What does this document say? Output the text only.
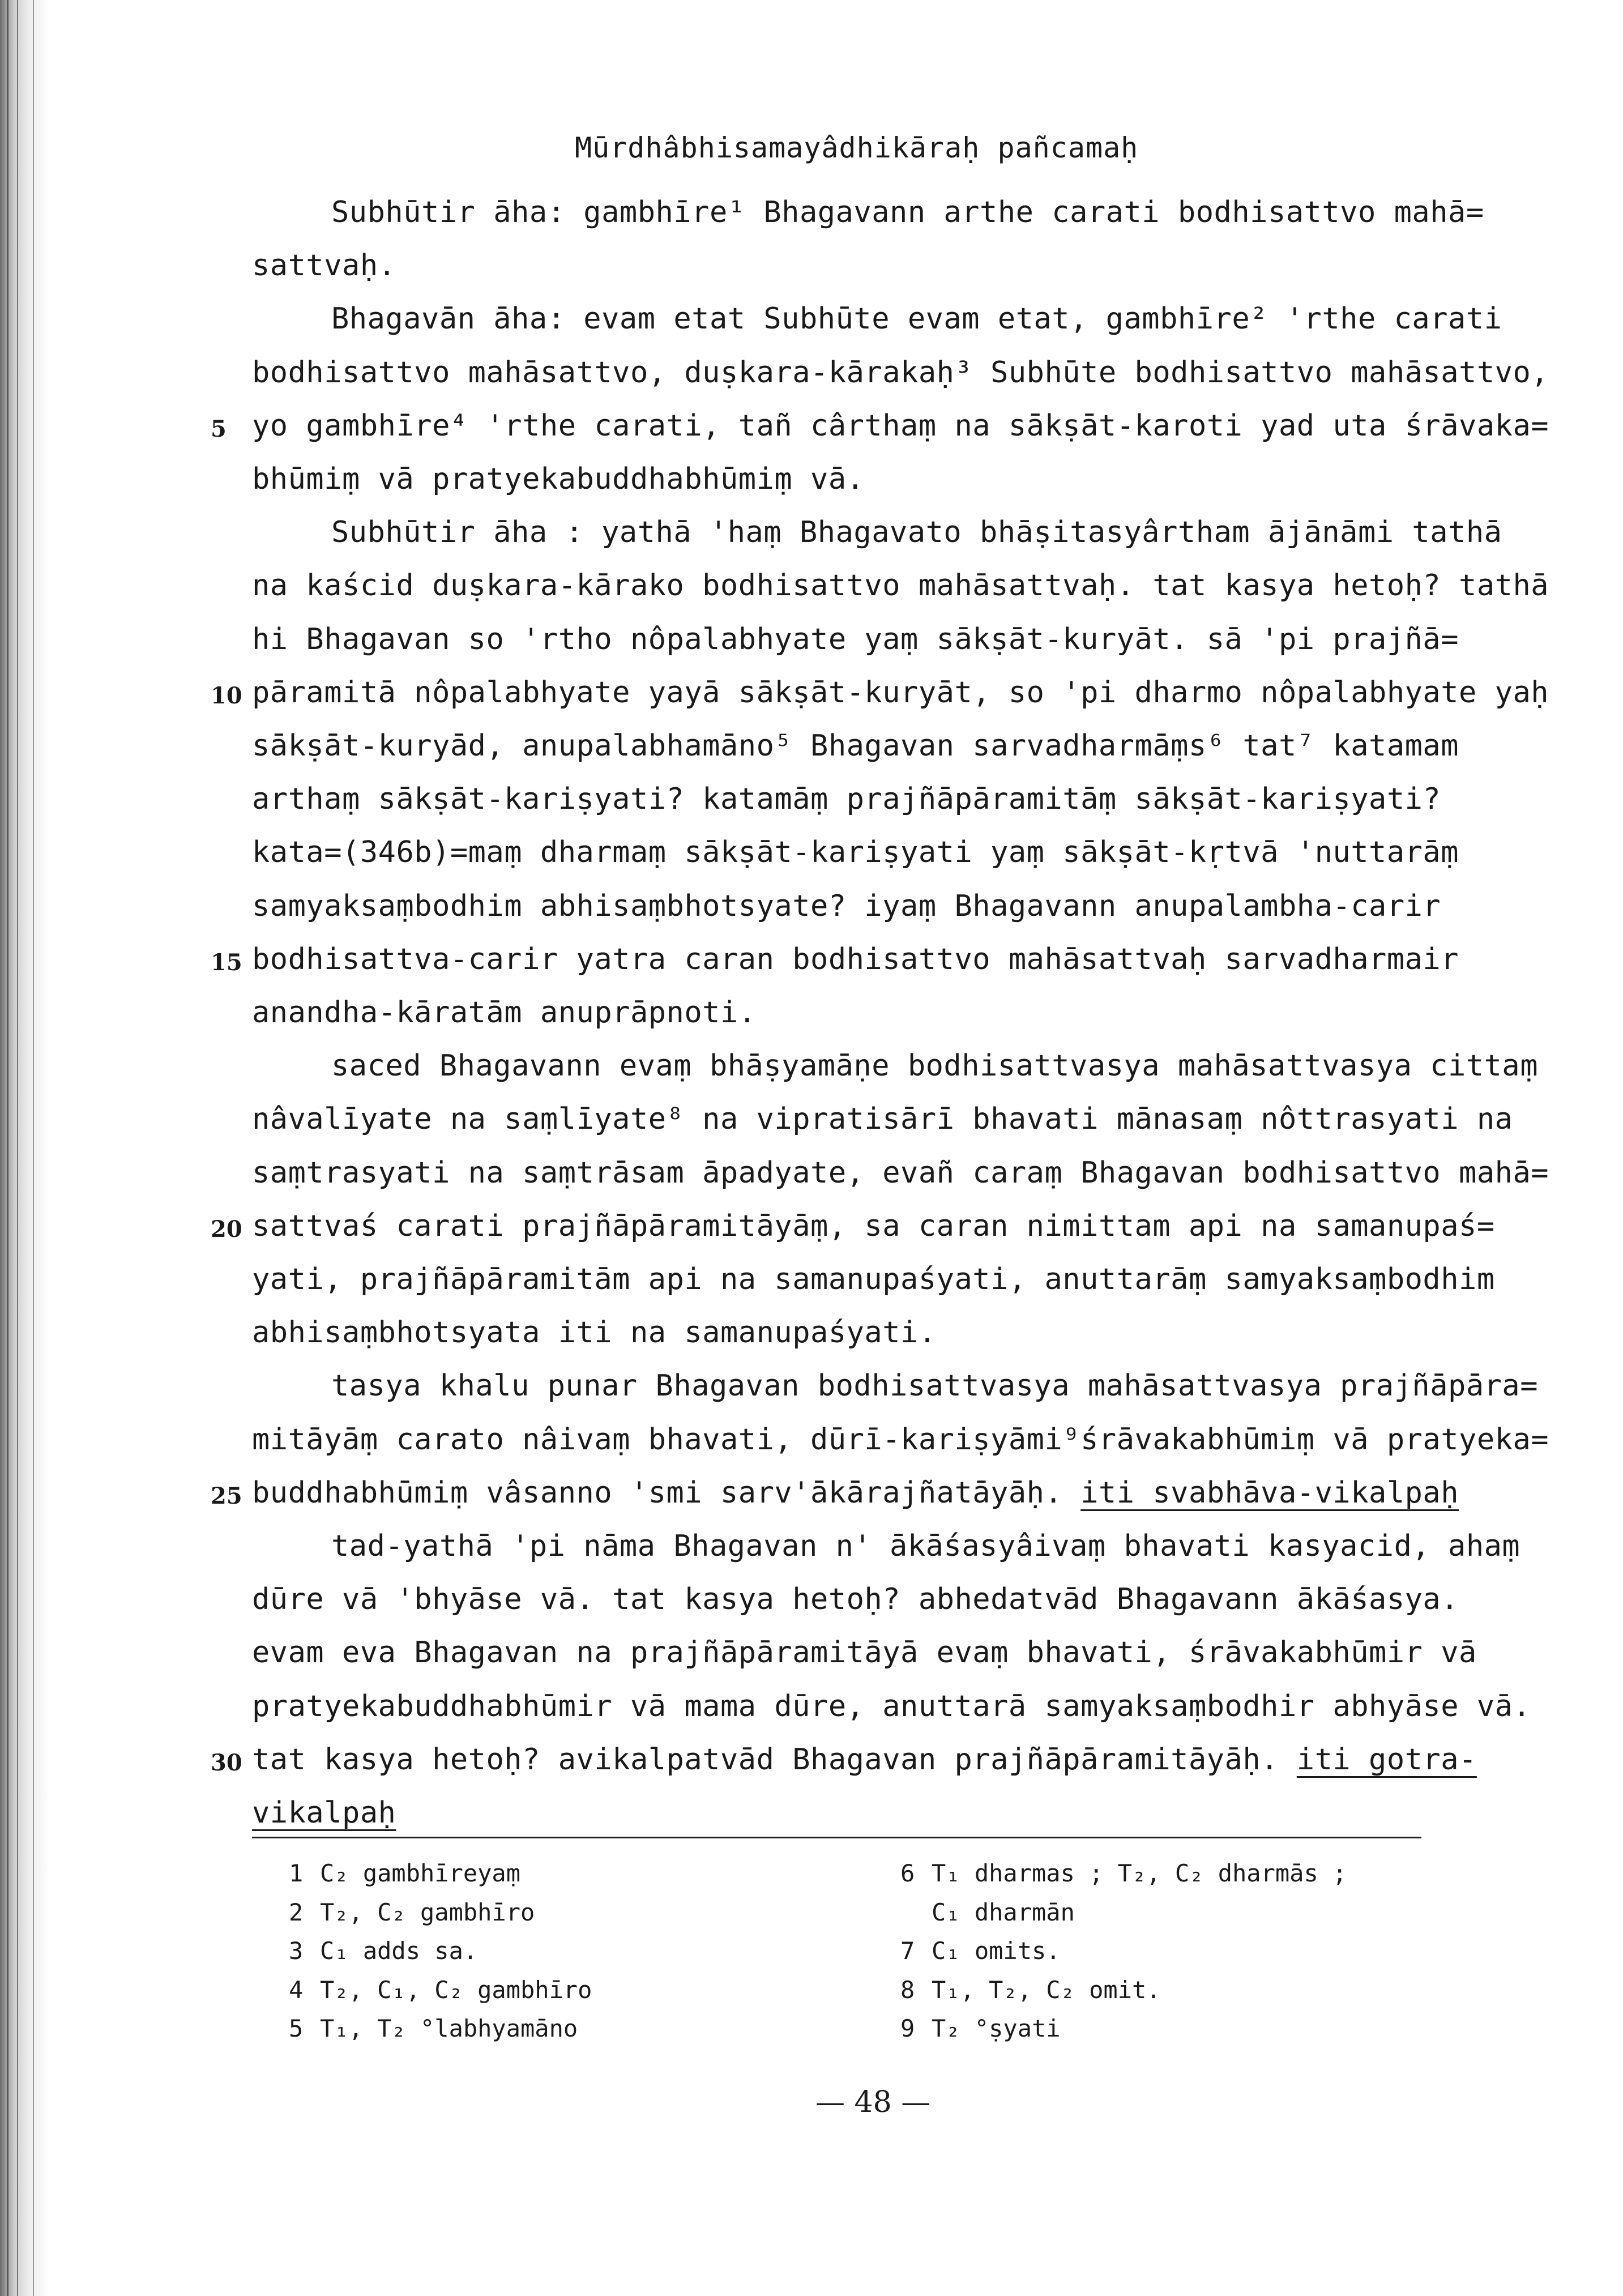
Mūrdhâbhisamayâdhikāraḥ pañcamaḥ
Subhūtir āha: gambhīre¹ Bhagavann arthe carati bodhisattvo mahā=
sattvaḥ.
Bhagavān āha: evam etat Subhūte evam etat, gambhīre² 'rthe carati
bodhisattvo mahāsattvo, duṣkara-kārakaḥ³ Subhūte bodhisattvo mahāsattvo,
yo gambhīre⁴ 'rthe carati, tañ cârthaṃ na sākṣāt-karoti yad uta śrāvaka=
5
bhūmiṃ vā pratyekabuddhabhūmiṃ vā.
Subhūtir āha : yathā 'haṃ Bhagavato bhāṣitasyârtham ājānāmi tathā
na kaścid duṣkara-kārako bodhisattvo mahāsattvaḥ. tat kasya hetoḥ? tathā
hi Bhagavan so 'rtho nôpalabhyate yaṃ sākṣāt-kuryāt. sā 'pi prajñā=
pāramitā nôpalabhyate yayā sākṣāt-kuryāt, so 'pi dharmo nôpalabhyate yaḥ
10
sākṣāt-kuryād, anupalabhamāno⁵ Bhagavan sarvadharmāṃs⁶ tat⁷ katamam
arthaṃ sākṣāt-kariṣyati? katamāṃ prajñāpāramitāṃ sākṣāt-kariṣyati?
kata=(346b)=maṃ dharmaṃ sākṣāt-kariṣyati yaṃ sākṣāt-kṛtvā 'nuttarāṃ
samyaksaṃbodhim abhisaṃbhotsyate? iyaṃ Bhagavann anupalambha-carir
bodhisattva-carir yatra caran bodhisattvo mahāsattvaḥ sarvadharmair
15
anandha-kāratām anuprāpnoti.
saced Bhagavann evaṃ bhāṣyamāṇe bodhisattvasya mahāsattvasya cittaṃ
nâvalīyate na saṃlīyate⁸ na vipratisārī bhavati mānasaṃ nôttrasyati na
saṃtrasyati na saṃtrāsam āpadyate, evañ caraṃ Bhagavan bodhisattvo mahā=
sattvaś carati prajñāpāramitāyāṃ, sa caran nimittam api na samanupaś=
20
yati, prajñāpāramitām api na samanupaśyati, anuttarāṃ samyaksaṃbodhim
abhisaṃbhotsyata iti na samanupaśyati.
tasya khalu punar Bhagavan bodhisattvasya mahāsattvasya prajñāpāra=
mitāyāṃ carato nâivaṃ bhavati, dūrī-kariṣyāmi⁹śrāvakabhūmiṃ vā pratyeka=
buddhabhūmiṃ vâsanno 'smi sarv'ākārajñatāyāḥ. iti svabhāva-vikalpaḥ
25
tad-yathā 'pi nāma Bhagavan n' ākāśasyâivaṃ bhavati kasyacid, ahaṃ
dūre vā 'bhyāse vā. tat kasya hetoḥ? abhedatvād Bhagavann ākāśasya.
evam eva Bhagavan na prajñāpāramitāyā evaṃ bhavati, śrāvakabhūmir vā
pratyekabuddhabhūmir vā mama dūre, anuttarā samyaksaṃbodhir abhyāse vā.
tat kasya hetoḥ? avikalpatvād Bhagavan prajñāpāramitāyāḥ. iti gotra-
30
vikalpaḥ
1 C₂ gambhīreyaṃ
2 T₂, C₂ gambhīro
3 C₁ adds sa.
4 T₂, C₁, C₂ gambhīro
5 T₁, T₂ °labhyamāno
6 T₁ dharmas ; T₂, C₂ dharmās ;
C₁ dharmān
7 C₁ omits.
8 T₁, T₂, C₂ omit.
9 T₂ °ṣyati
— 48 —
